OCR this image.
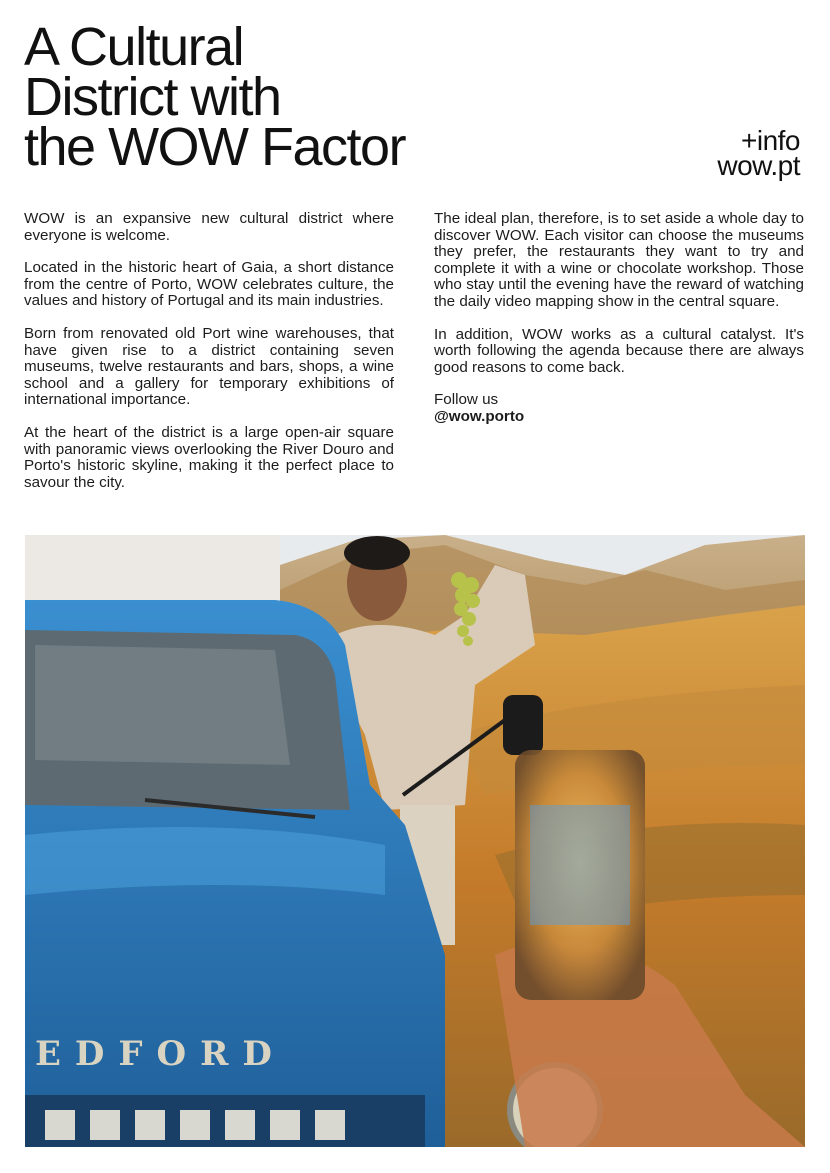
A Cultural
District with
the WOW Factor	+info
wow.pt

WOW is an expansive new cultural district where everyone is welcome.

Located in the historic heart of Gaia, a short distance from the centre of Porto, WOW celebrates culture, the values and history of Portugal and its main industries.

Born from renovated old Port wine warehouses, that have given rise to a district containing seven museums, twelve restaurants and bars, shops, a wine school and a gallery for temporary exhibitions of international importance.

At the heart of the district is a large open-air square with panoramic views overlooking the River Douro and Porto's historic skyline, making it the perfect place to savour the city.

The ideal plan, therefore, is to set aside a whole day to discover WOW. Each visitor can choose the museums they prefer, the restaurants they want to try and complete it with a wine or chocolate workshop. Those who stay until the evening have the reward of watching the daily video mapping show in the central square.

In addition, WOW works as a cultural catalyst. It's worth following the agenda because there are always good reasons to come back.

Follow us
@wow.porto

EDFORD
